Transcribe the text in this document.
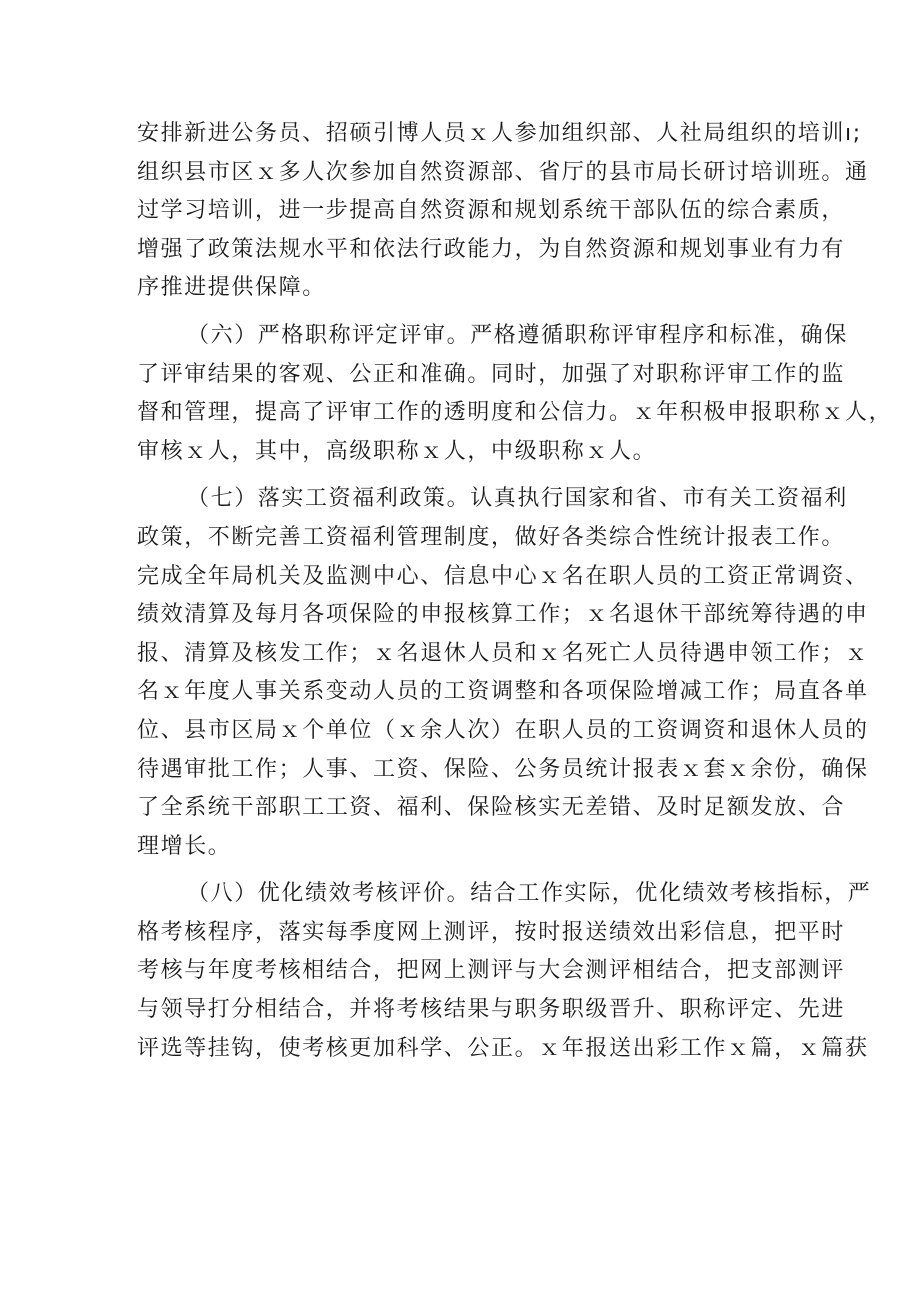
安排新进公务员、招硕引博人员ｘ人参加组织部、人社局组织的培训ı;
组织县市区ｘ多人次参加自然资源部、省厅的县市局长研讨培训班。通
过学习培训，进一步提高自然资源和规划系统干部队伍的综合素质，
增强了政策法规水平和依法行政能力，为自然资源和规划事业有力有
序推进提供保障。
（六）严格职称评定评审。严格遵循职称评审程序和标准，确保
了评审结果的客观、公正和准确。同时，加强了对职称评审工作的监
督和管理，提高了评审工作的透明度和公信力。ｘ年积极申报职称ｘ人，
审核ｘ人，其中，高级职称ｘ人，中级职称ｘ人。
（七）落实工资福利政策。认真执行国家和省、市有关工资福利
政策，不断完善工资福利管理制度，做好各类综合性统计报表工作。
完成全年局机关及监测中心、信息中心ｘ名在职人员的工资正常调资、
绩效清算及每月各项保险的申报核算工作；ｘ名退休干部统筹待遇的申
报、清算及核发工作；ｘ名退休人员和ｘ名死亡人员待遇申领工作；ｘ
名ｘ年度人事关系变动人员的工资调整和各项保险增减工作；局直各单
位、县市区局ｘ个单位（ｘ余人次）在职人员的工资调资和退休人员的
待遇审批工作；人事、工资、保险、公务员统计报表ｘ套ｘ余份，确保
了全系统干部职工工资、福利、保险核实无差错、及时足额发放、合
理增长。
（八）优化绩效考核评价。结合工作实际，优化绩效考核指标，严
格考核程序，落实每季度网上测评，按时报送绩效出彩信息，把平时
考核与年度考核相结合，把网上测评与大会测评相结合，把支部测评
与领导打分相结合，并将考核结果与职务职级晋升、职称评定、先进
评选等挂钩，使考核更加科学、公正。ｘ年报送出彩工作ｘ篇，ｘ篇获
